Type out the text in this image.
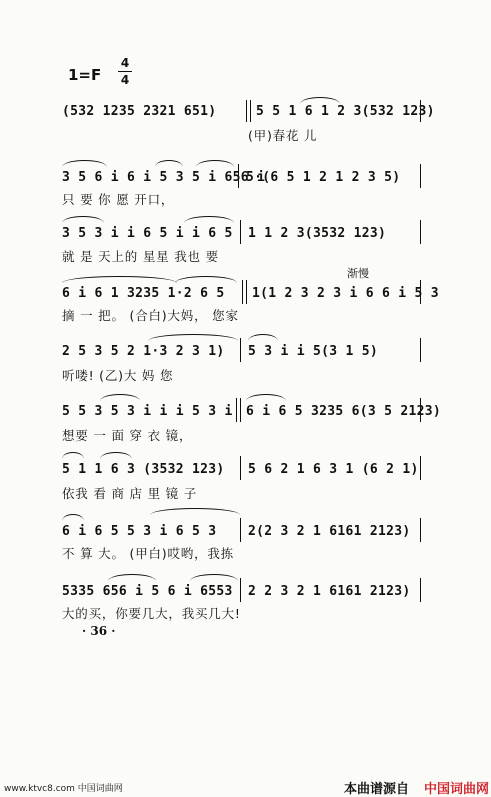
1=F
4
4
(532 1235 2321 651)	5 5 1 6 1 2 3(532 123)
(甲)春花 儿
3 5 6 i 6 i 5 3 5 i 656 i
5·(6 5 1 2 1 2 3 5)
只 要 你 愿 开口，
3 5 3 i i 6 5 i i 6 5 1 1 2 3(3532 123)
就 是 天上的 星星 我也 要
渐慢
6 i 6 1 3235 1·2 6 5 1(1 2 3 2 3 i 6 6 i 5 3
摘 一 把。 (合白)大妈， 您家
2 5 3 5 2 1·3 2 3 1) 5 3 i i 5(3 1 5)
听喽! (乙)大 妈 您
5 5 3 5 3 i i i 5 3 i 6 i 6 5 3235 6(3 5 2123)
想要 一 面 穿 衣 镜，
5 1 1 6 3 (3532 123) 5 6 2 1 6 3 1 (6 2 1)
依我 看 商 店 里 镜 子
6 i 6 5 5 3 i 6 5 3 2(2 3 2 1 6161 2123)
不 算 大。 (甲白)哎哟，我拣
5335 656 i 5 6 i 6553 2 2 3 2 1 6161 2123)
大的买，你要几大，我买几大!
· 36 ·
www.ktvc8.com 中国词曲网	本曲谱源自 中国词曲网
